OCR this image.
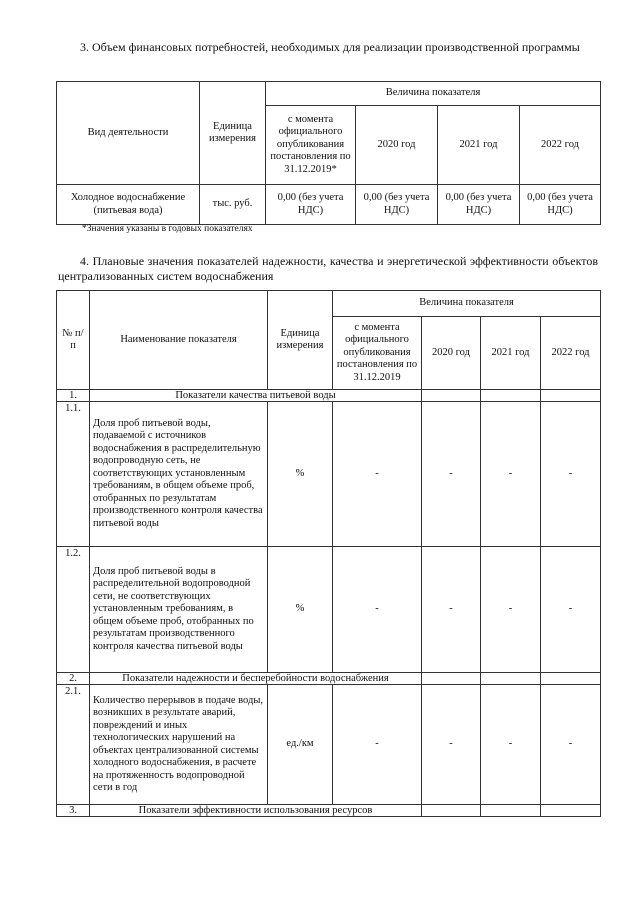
3. Объем финансовых потребностей, необходимых для реализации производственной программы

Вид деятельности	Единица измерения	Величина показателя			
		с момента официального опубликования постановления по 31.12.2019*	2020 год	2021 год	2022 год
Холодное водоснабжение (питьевая вода)	тыс. руб.	0,00 (без учета НДС)	0,00 (без учета НДС)	0,00 (без учета НДС)	0,00 (без учета НДС)
*Значения указаны в годовых показателях

4. Плановые значения показателей надежности, качества и энергетической эффективности объектов централизованных систем водоснабжения

№ п/п	Наименование показателя	Единица измерения	Величина показателя			
			с момента официального опубликования постановления по 31.12.2019	2020 год	2021 год	2022 год
1.	Показатели качества питьевой воды					
1.1.	Доля проб питьевой воды, подаваемой с источников водоснабжения в распределительную водопроводную сеть, не соответствующих установленным требованиям, в общем объеме проб, отобранных по результатам производственного контроля качества питьевой воды	%	-	-	-	-
1.2.	Доля проб питьевой воды в распределительной водопроводной сети, не соответствующих установленным требованиям, в общем объеме проб, отобранных по результатам производственного контроля качества питьевой воды	%	-	-	-	-
2.	Показатели надежности и бесперебойности водоснабжения					
2.1.	Количество перерывов в подаче воды, возникших в результате аварий, повреждений и иных технологических нарушений на объектах централизованной системы холодного водоснабжения, в расчете на протяженность водопроводной сети в год	ед./км	-	-	-	-
3.	Показатели эффективности использования ресурсов					
